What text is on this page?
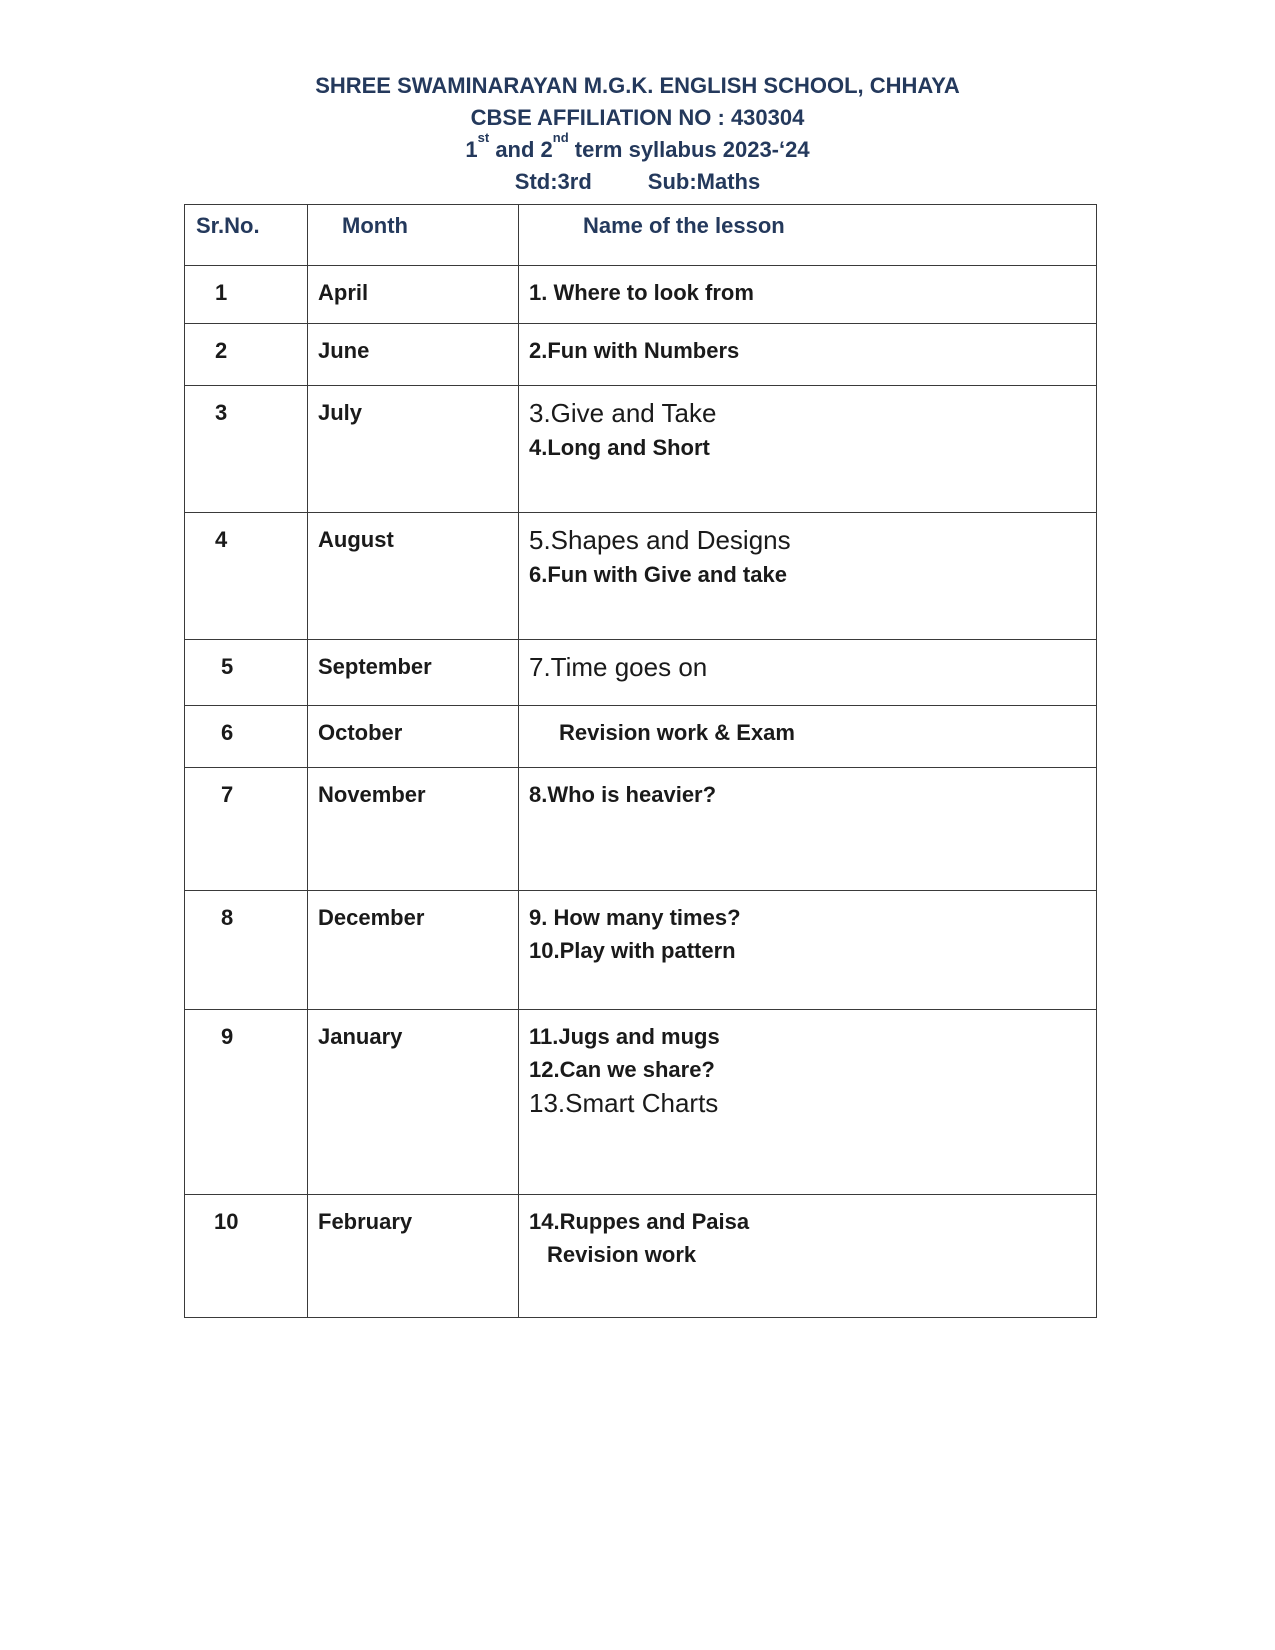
SHREE SWAMINARAYAN M.G.K. ENGLISH SCHOOL, CHHAYA
CBSE AFFILIATION NO : 430304
1st and 2nd term syllabus 2023-‘24
Std:3rd	Sub:Maths
Sr.No.	Month	Name of the lesson

1	April	1. Where to look from

2	June	2.Fun with Numbers

3	July	3.Give and Take
4.Long and Short

4	August	5.Shapes and Designs
6.Fun with Give and take

5	September	7.Time goes on

6	October	Revision work & Exam

7	November	8.Who is heavier?

8	December	9. How many times?
10.Play with pattern

9	January	11.Jugs and mugs
12.Can we share?
13.Smart Charts

10	February	14.Ruppes and Paisa
Revision work
